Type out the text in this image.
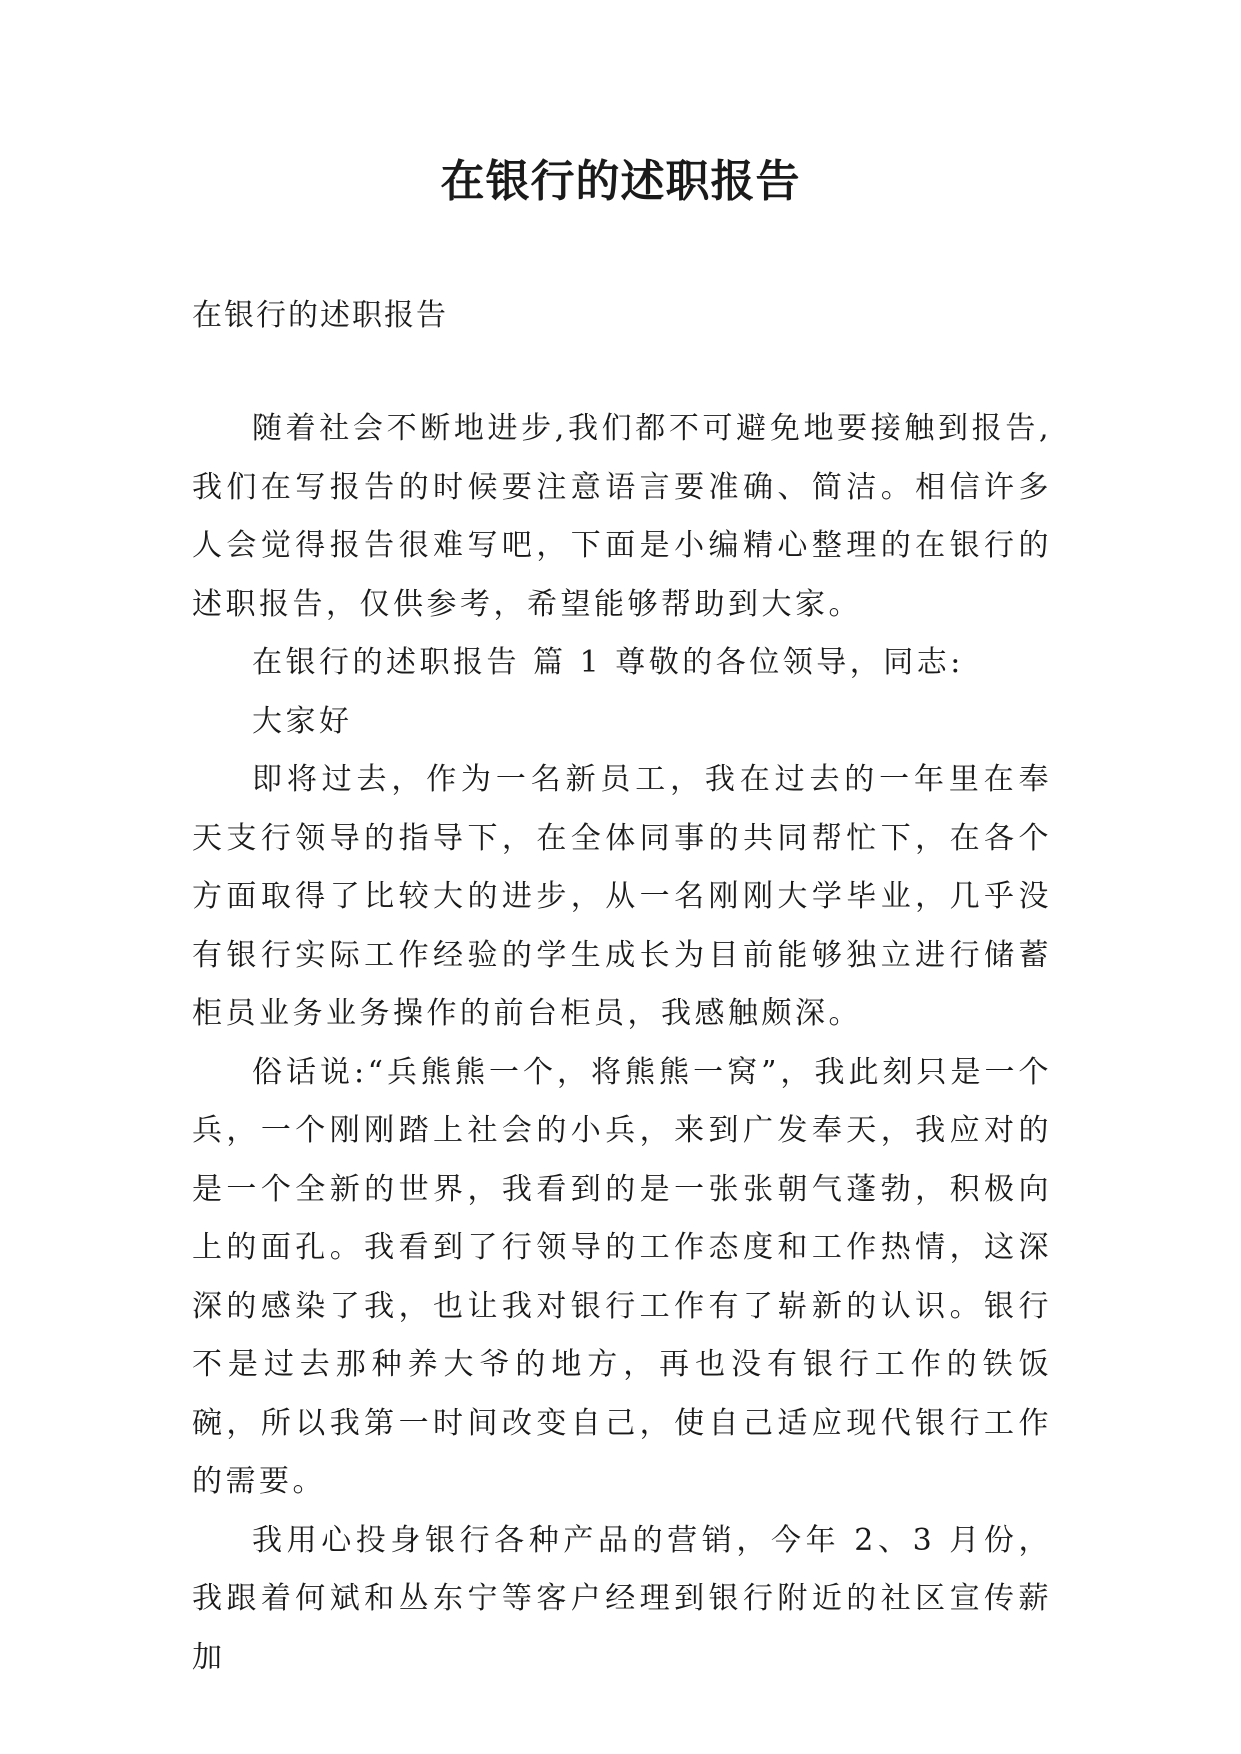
在银行的述职报告
在银行的述职报告

随着社会不断地进步,我们都不可避免地要接触到报告,我们在写报告的时候要注意语言要准确、简洁。相信许多人会觉得报告很难写吧，下面是小编精心整理的在银行的述职报告，仅供参考，希望能够帮助到大家。

在银行的述职报告 篇 1 尊敬的各位领导，同志:

大家好

即将过去，作为一名新员工，我在过去的一年里在奉天支行领导的指导下，在全体同事的共同帮忙下，在各个方面取得了比较大的进步，从一名刚刚大学毕业，几乎没有银行实际工作经验的学生成长为目前能够独立进行储蓄柜员业务业务操作的前台柜员，我感触颇深。

俗话说:“兵熊熊一个，将熊熊一窝”，我此刻只是一个兵，一个刚刚踏上社会的小兵，来到广发奉天，我应对的是一个全新的世界，我看到的是一张张朝气蓬勃，积极向上的面孔。我看到了行领导的工作态度和工作热情，这深深的感染了我，也让我对银行工作有了崭新的认识。银行不是过去那种养大爷的地方，再也没有银行工作的铁饭碗，所以我第一时间改变自己，使自己适应现代银行工作的需要。

我用心投身银行各种产品的营销，今年 2、3 月份，我跟着何斌和丛东宁等客户经理到银行附近的社区宣传薪加
